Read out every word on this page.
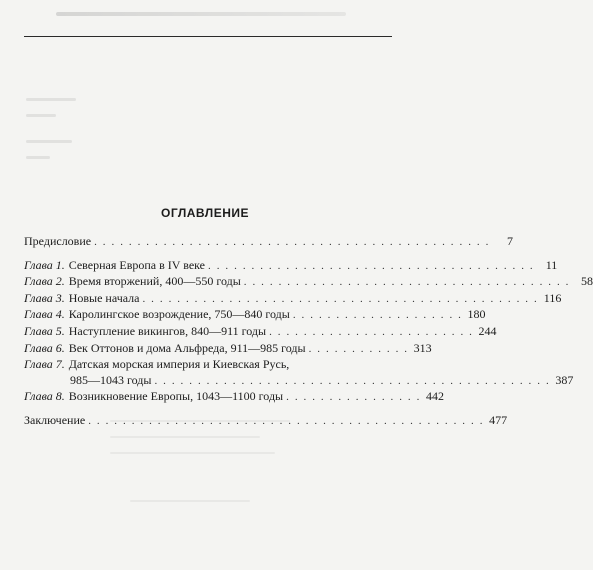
ОГЛАВЛЕНИЕ
Предисловие . . . . . . . . . . . . . . . . . . . . . . . . . . . . . . . . . . . . . . . . . . . . . .	7
Глава 1. Северная Европа в IV веке . . . . . . . . . . . . . . . . . . . . . . . . . . . . . . . . . . . . . . 11
Глава 2. Время вторжений, 400—550 годы . . . . . . . . . . . . . . . . . . . . . . . . . . . . . . . . . . . . . . 58
Глава 3. Новые начала . . . . . . . . . . . . . . . . . . . . . . . . . . . . . . . . . . . . . . . . . . . . . . 116
Глава 4. Каролингское возрождение, 750—840 годы . . . . . . . . . . . . . . . . . . . . 180
Глава 5. Наступление викингов, 840—911 годы . . . . . . . . . . . . . . . . . . . . . . . . 244
Глава 6. Век Оттонов и дома Альфреда, 911—985 годы . . . . . . . . . . . . 313
Глава 7. Датская морская империя и Киевская Русь,
985—1043 годы . . . . . . . . . . . . . . . . . . . . . . . . . . . . . . . . . . . . . . . . . . . . . . 387
Глава 8. Возникновение Европы, 1043—1100 годы . . . . . . . . . . . . . . . . 442
Заключение . . . . . . . . . . . . . . . . . . . . . . . . . . . . . . . . . . . . . . . . . . . . . . 477
